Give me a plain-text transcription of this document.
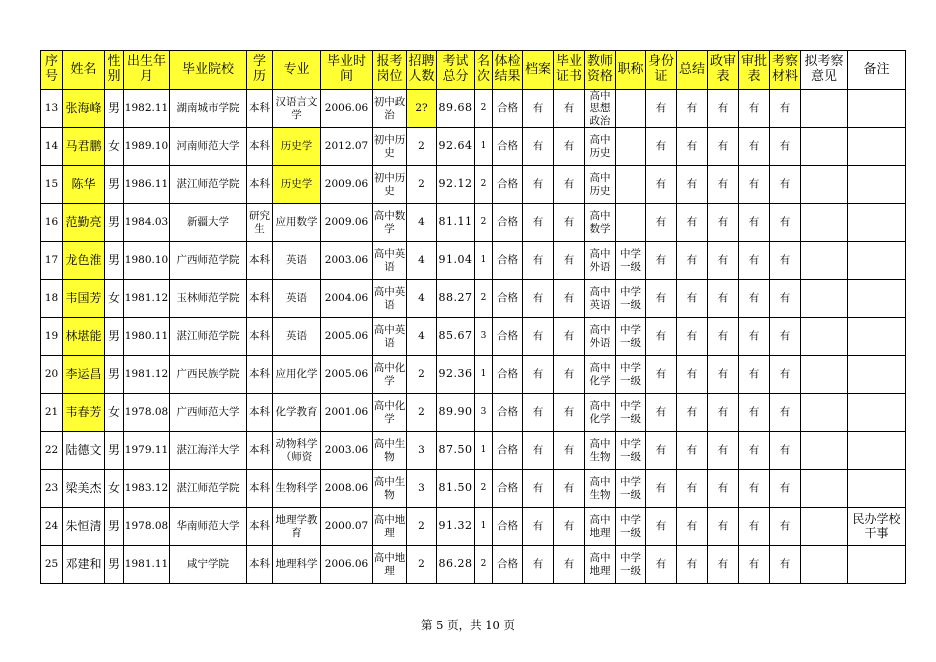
序号	姓名	性别	出生年月	毕业院校	学历	专业	毕业时间	报考岗位	招聘人数	考试总分	名次	体检结果	档案	毕业证书	教师资格	职称	身份证	总结	政审表	审批表	考察材料	拟考察意见	备注
13	张海峰	男	1982.11	湖南城市学院	本科	汉语言文学	2006.06	初中政治	2?	89.68	2	合格	有	有	高中思想政治		有	有	有	有	有		
14	马君鹏	女	1989.10	河南师范大学	本科	历史学	2012.07	初中历史	2	92.64	1	合格	有	有	高中历史		有	有	有	有	有		
15	陈华	男	1986.11	湛江师范学院	本科	历史学	2009.06	初中历史	2	92.12	2	合格	有	有	高中历史		有	有	有	有	有		
16	范勤亮	男	1984.03	新疆大学	研究生	应用数学	2009.06	高中数学	4	81.11	2	合格	有	有	高中数学		有	有	有	有	有		
17	龙色淮	男	1980.10	广西师范学院	本科	英语	2003.06	高中英语	4	91.04	1	合格	有	有	高中外语	中学一级	有	有	有	有	有		
18	韦国芳	女	1981.12	玉林师范学院	本科	英语	2004.06	高中英语	4	88.27	2	合格	有	有	高中英语	中学一级	有	有	有	有	有		
19	林堪能	男	1980.11	湛江师范学院	本科	英语	2005.06	高中英语	4	85.67	3	合格	有	有	高中外语	中学一级	有	有	有	有	有		
20	李运昌	男	1981.12	广西民族学院	本科	应用化学	2005.06	高中化学	2	92.36	1	合格	有	有	高中化学	中学一级	有	有	有	有	有		
21	韦春芳	女	1978.08	广西师范大学	本科	化学教育	2001.06	高中化学	2	89.90	3	合格	有	有	高中化学	中学一级	有	有	有	有	有		
22	陆德文	男	1979.11	湛江海洋大学	本科	动物科学（师资	2003.06	高中生物	3	87.50	1	合格	有	有	高中生物	中学一级	有	有	有	有	有		
23	梁美杰	女	1983.12	湛江师范学院	本科	生物科学	2008.06	高中生物	3	81.50	2	合格	有	有	高中生物	中学一级	有	有	有	有	有		
24	朱恒清	男	1978.08	华南师范大学	本科	地理学教育	2000.07	高中地理	2	91.32	1	合格	有	有	高中地理	中学一级	有	有	有	有	有		民办学校干事
25	邓建和	男	1981.11	咸宁学院	本科	地理科学	2006.06	高中地理	2	86.28	2	合格	有	有	高中地理	中学一级	有	有	有	有	有		
第 5 页，共 10 页
